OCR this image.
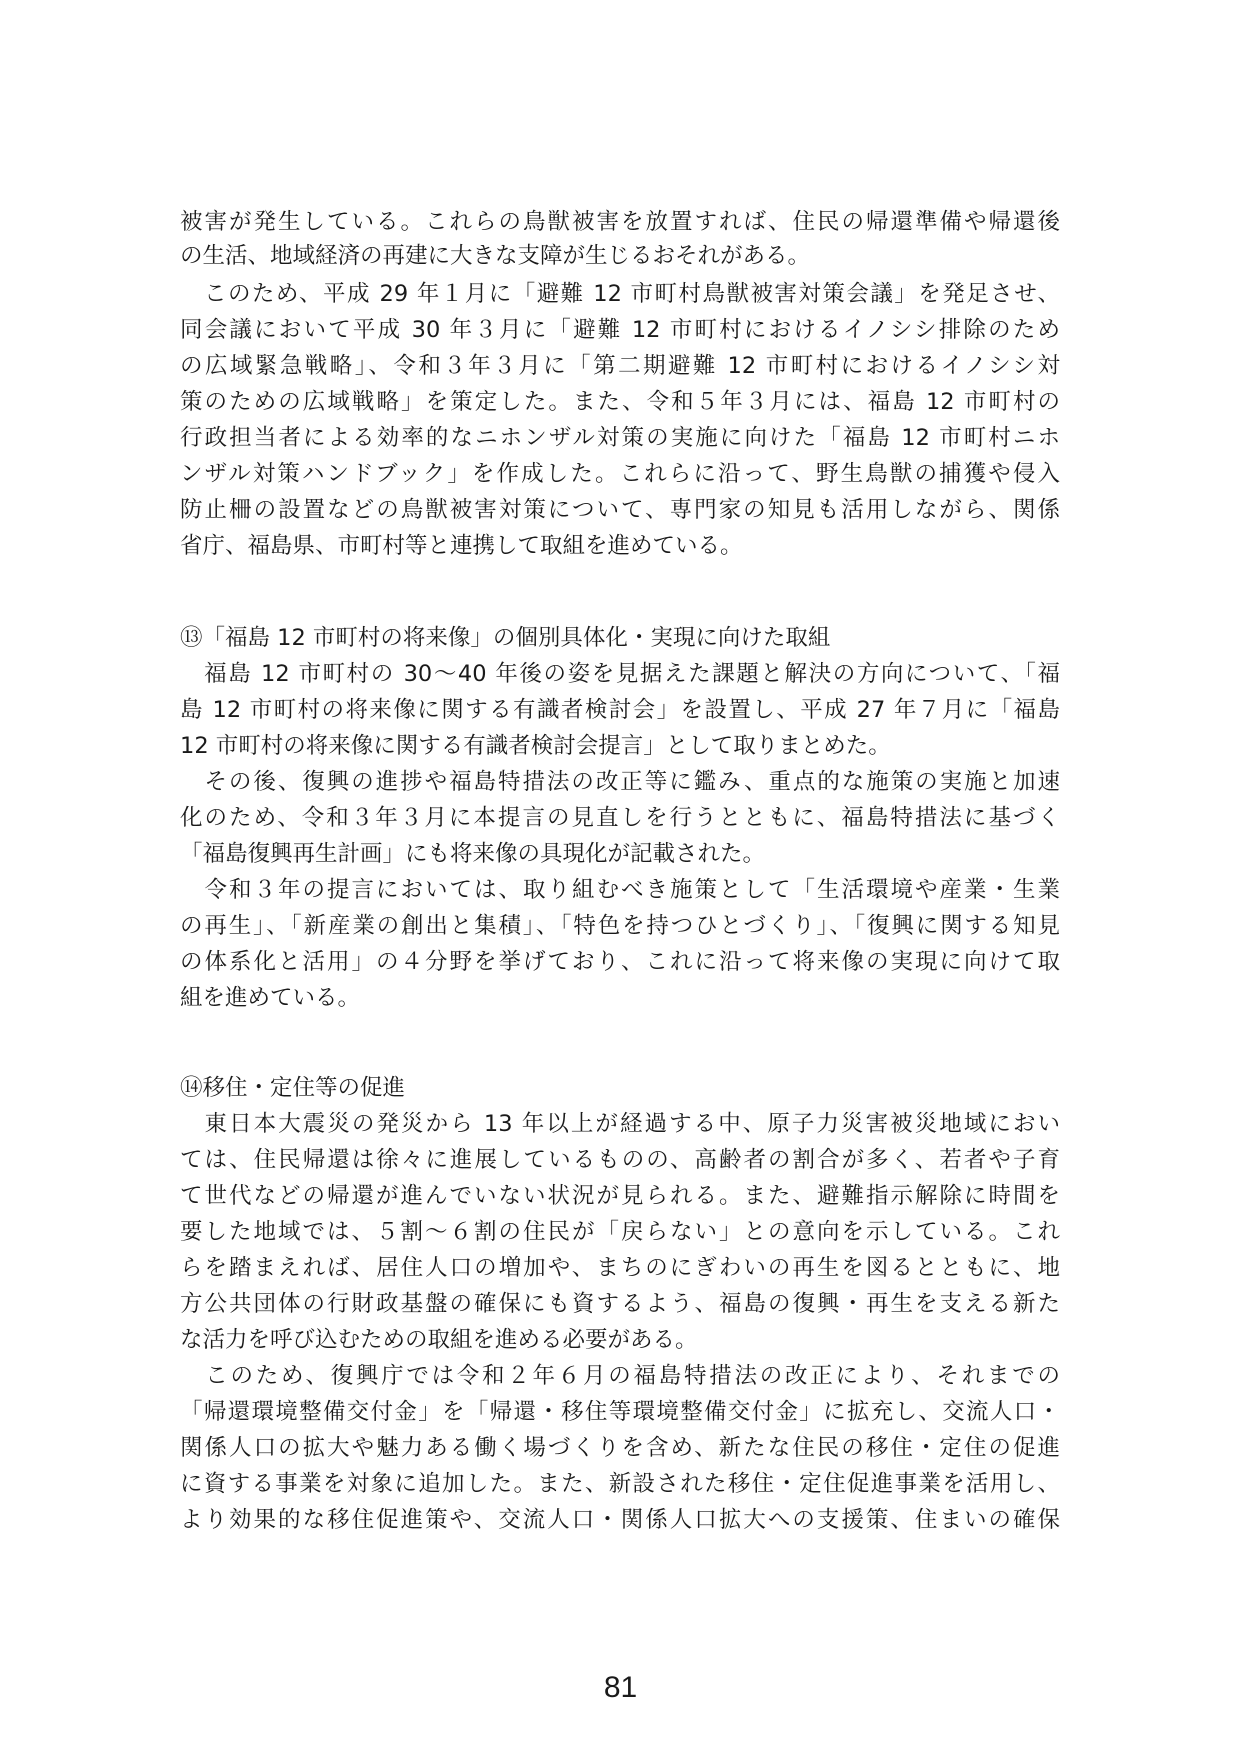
被害が発生している。これらの鳥獣被害を放置すれば、住民の帰還準備や帰還後
の生活、地域経済の再建に大きな支障が生じるおそれがある。
　このため、平成 29 年１月に「避難 12 市町村鳥獣被害対策会議」を発足させ、
同会議において平成 30 年３月に「避難 12 市町村におけるイノシシ排除のため
の広域緊急戦略」、令和３年３月に「第二期避難 12 市町村におけるイノシシ対
策のための広域戦略」を策定した。また、令和５年３月には、福島 12 市町村の
行政担当者による効率的なニホンザル対策の実施に向けた「福島 12 市町村ニホ
ンザル対策ハンドブック」を作成した。これらに沿って、野生鳥獣の捕獲や侵入
防止柵の設置などの鳥獣被害対策について、専門家の知見も活用しながら、関係
省庁、福島県、市町村等と連携して取組を進めている。
⑬「福島 12 市町村の将来像」の個別具体化・実現に向けた取組
　福島 12 市町村の 30～40 年後の姿を見据えた課題と解決の方向について、「福
島 12 市町村の将来像に関する有識者検討会」を設置し、平成 27 年７月に「福島
12 市町村の将来像に関する有識者検討会提言」として取りまとめた。
　その後、復興の進捗や福島特措法の改正等に鑑み、重点的な施策の実施と加速
化のため、令和３年３月に本提言の見直しを行うとともに、福島特措法に基づく
「福島復興再生計画」にも将来像の具現化が記載された。
　令和３年の提言においては、取り組むべき施策として「生活環境や産業・生業
の再生」、「新産業の創出と集積」、「特色を持つひとづくり」、「復興に関する知見
の体系化と活用」の４分野を挙げており、これに沿って将来像の実現に向けて取
組を進めている。
⑭移住・定住等の促進
　東日本大震災の発災から 13 年以上が経過する中、原子力災害被災地域におい
ては、住民帰還は徐々に進展しているものの、高齢者の割合が多く、若者や子育
て世代などの帰還が進んでいない状況が見られる。また、避難指示解除に時間を
要した地域では、５割～６割の住民が「戻らない」との意向を示している。これ
らを踏まえれば、居住人口の増加や、まちのにぎわいの再生を図るとともに、地
方公共団体の行財政基盤の確保にも資するよう、福島の復興・再生を支える新た
な活力を呼び込むための取組を進める必要がある。
　このため、復興庁では令和２年６月の福島特措法の改正により、それまでの
「帰還環境整備交付金」を「帰還・移住等環境整備交付金」に拡充し、交流人口・
関係人口の拡大や魅力ある働く場づくりを含め、新たな住民の移住・定住の促進
に資する事業を対象に追加した。また、新設された移住・定住促進事業を活用し、
より効果的な移住促進策や、交流人口・関係人口拡大への支援策、住まいの確保
81
